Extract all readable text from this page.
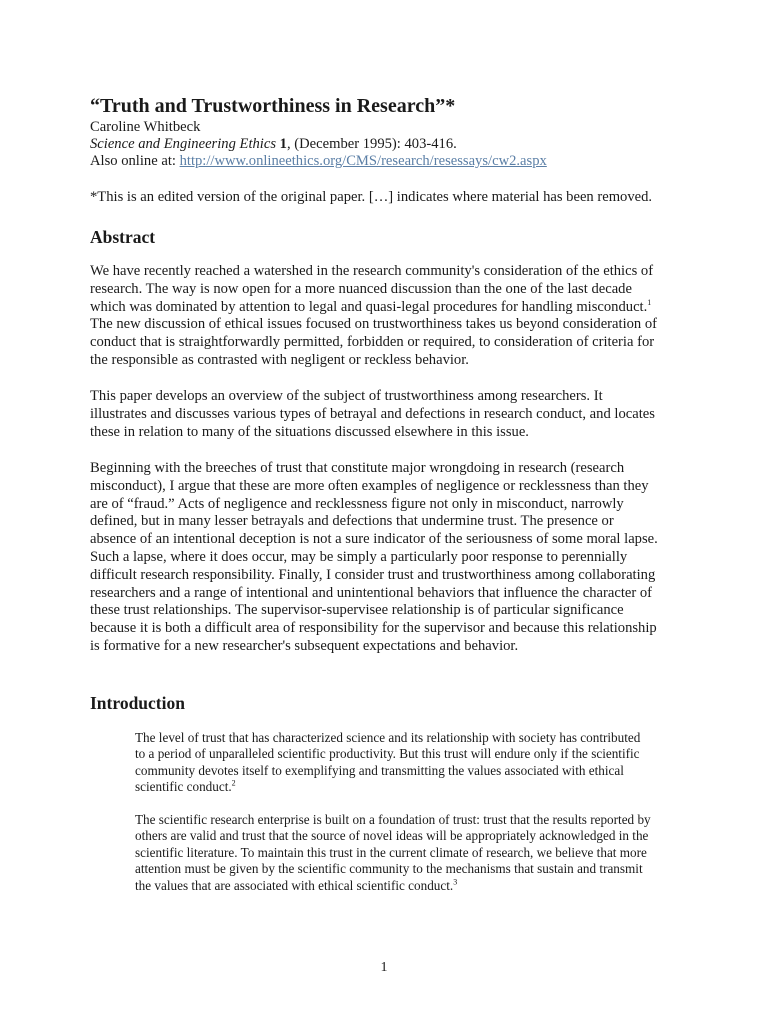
“Truth and Trustworthiness in Research”*
Caroline Whitbeck
Science and Engineering Ethics 1, (December 1995): 403-416.
Also online at: http://www.onlineethics.org/CMS/research/resessays/cw2.aspx
*This is an edited version of the original paper. […] indicates where material has been removed.
Abstract

We have recently reached a watershed in the research community's consideration of the ethics of
research. The way is now open for a more nuanced discussion than the one of the last decade
which was dominated by attention to legal and quasi-legal procedures for handling misconduct.$^1$
The new discussion of ethical issues focused on trustworthiness takes us beyond consideration of
conduct that is straightforwardly permitted, forbidden or required, to consideration of criteria for
the responsible as contrasted with negligent or reckless behavior.

This paper develops an overview of the subject of trustworthiness among researchers. It
illustrates and discusses various types of betrayal and defections in research conduct, and locates
these in relation to many of the situations discussed elsewhere in this issue.

Beginning with the breeches of trust that constitute major wrongdoing in research (research
misconduct), I argue that these are more often examples of negligence or recklessness than they
are of “fraud.” Acts of negligence and recklessness figure not only in misconduct, narrowly
defined, but in many lesser betrayals and defections that undermine trust. The presence or
absence of an intentional deception is not a sure indicator of the seriousness of some moral lapse.
Such a lapse, where it does occur, may be simply a particularly poor response to perennially
difficult research responsibility. Finally, I consider trust and trustworthiness among collaborating
researchers and a range of intentional and unintentional behaviors that influence the character of
these trust relationships. The supervisor-supervisee relationship is of particular significance
because it is both a difficult area of responsibility for the supervisor and because this relationship
is formative for a new researcher's subsequent expectations and behavior.

Introduction

The level of trust that has characterized science and its relationship with society has contributed
to a period of unparalleled scientific productivity. But this trust will endure only if the scientific
community devotes itself to exemplifying and transmitting the values associated with ethical
scientific conduct.$^2$

The scientific research enterprise is built on a foundation of trust: trust that the results reported by
others are valid and trust that the source of novel ideas will be appropriately acknowledged in the
scientific literature. To maintain this trust in the current climate of research, we believe that more
attention must be given by the scientific community to the mechanisms that sustain and transmit
the values that are associated with ethical scientific conduct.$^3$

1
